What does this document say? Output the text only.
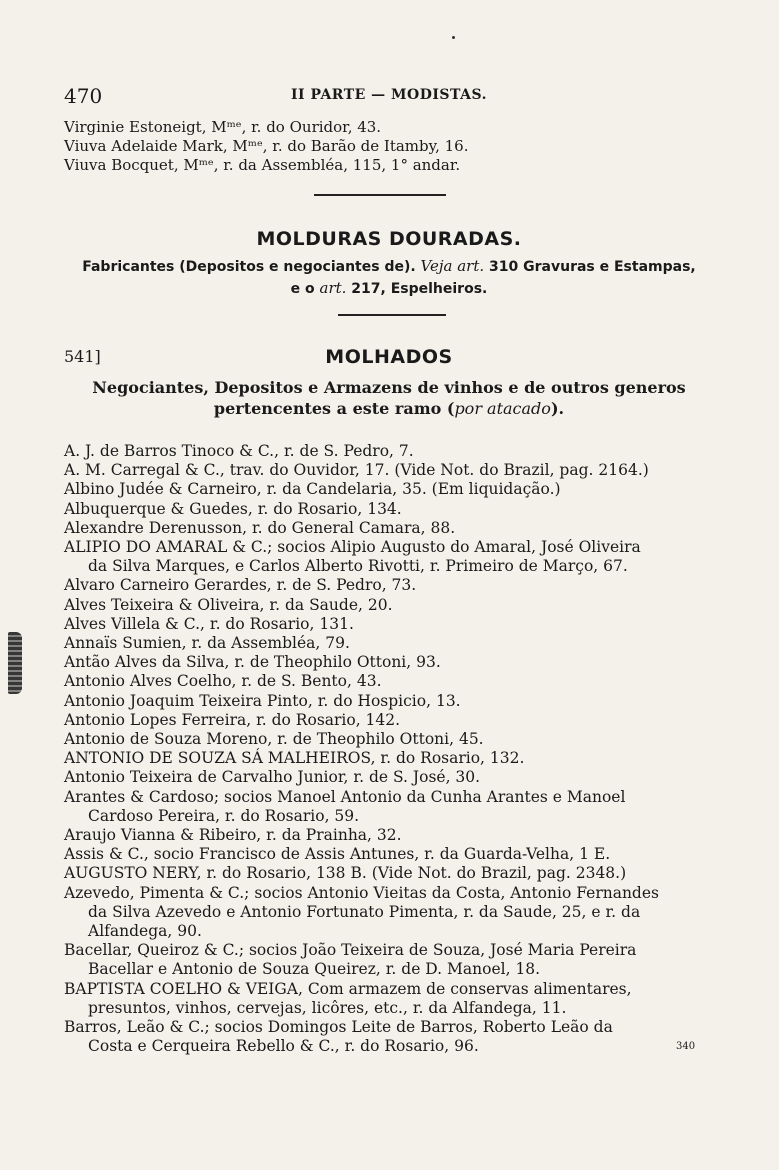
470	II PARTE — MODISTAS.
Virginie Estoneigt, Mᵐᵉ, r. do Ouridor, 43.
Viuva Adelaide Mark, Mᵐᵉ, r. do Barão de Itamby, 16.
Viuva Bocquet, Mᵐᵉ, r. da Assembléa, 115, 1° andar.
MOLDURAS DOURADAS.
Fabricantes (Depositos e negociantes de). Veja art. 310 Gravuras e Estampas,
e o art. 217, Espelheiros.
541]	MOLHADOS
Negociantes, Depositos e Armazens de vinhos e de outros generos
pertencentes a este ramo (por atacado).
A. J. de Barros Tinoco & C., r. de S. Pedro, 7.
A. M. Carregal & C., trav. do Ouvidor, 17. (Vide Not. do Brazil, pag. 2164.)
Albino Judée & Carneiro, r. da Candelaria, 35. (Em liquidação.)
Albuquerque & Guedes, r. do Rosario, 134.
Alexandre Derenusson, r. do General Camara, 88.
ALIPIO DO AMARAL & C.; socios Alipio Augusto do Amaral, José Oliveira
da Silva Marques, e Carlos Alberto Rivotti, r. Primeiro de Março, 67.
Alvaro Carneiro Gerardes, r. de S. Pedro, 73.
Alves Teixeira & Oliveira, r. da Saude, 20.
Alves Villela & C., r. do Rosario, 131.
Annaïs Sumien, r. da Assembléa, 79.
Antão Alves da Silva, r. de Theophilo Ottoni, 93.
Antonio Alves Coelho, r. de S. Bento, 43.
Antonio Joaquim Teixeira Pinto, r. do Hospicio, 13.
Antonio Lopes Ferreira, r. do Rosario, 142.
Antonio de Souza Moreno, r. de Theophilo Ottoni, 45.
ANTONIO DE SOUZA SÁ MALHEIROS, r. do Rosario, 132.
Antonio Teixeira de Carvalho Junior, r. de S. José, 30.
Arantes & Cardoso; socios Manoel Antonio da Cunha Arantes e Manoel
Cardoso Pereira, r. do Rosario, 59.
Araujo Vianna & Ribeiro, r. da Prainha, 32.
Assis & C., socio Francisco de Assis Antunes, r. da Guarda-Velha, 1 E.
AUGUSTO NERY, r. do Rosario, 138 B. (Vide Not. do Brazil, pag. 2348.)
Azevedo, Pimenta & C.; socios Antonio Vieitas da Costa, Antonio Fernandes
da Silva Azevedo e Antonio Fortunato Pimenta, r. da Saude, 25, e r. da
Alfandega, 90.
Bacellar, Queiroz & C.; socios João Teixeira de Souza, José Maria Pereira
Bacellar e Antonio de Souza Queirez, r. de D. Manoel, 18.
BAPTISTA COELHO & VEIGA, Com armazem de conservas alimentares,
presuntos, vinhos, cervejas, licôres, etc., r. da Alfandega, 11.
Barros, Leão & C.; socios Domingos Leite de Barros, Roberto Leão da
Costa e Cerqueira Rebello & C., r. do Rosario, 96.	340
